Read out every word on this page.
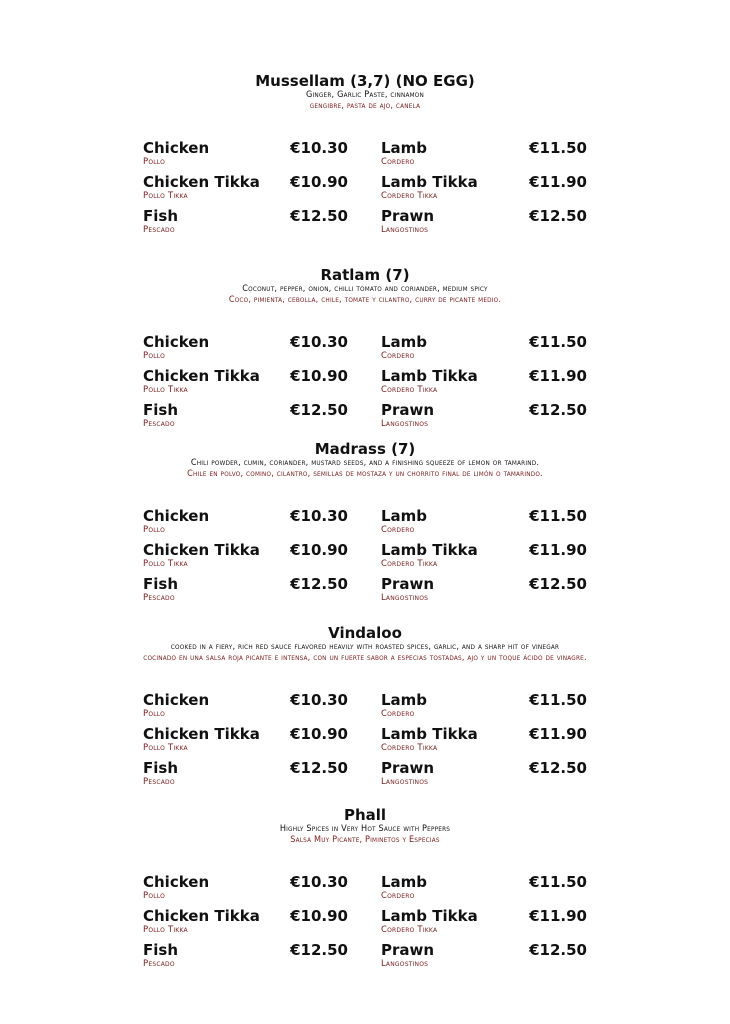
Mussellam (3,7) (NO EGG)
Ginger, Garlic Paste, cinnamon
gengibre, pasta de ajo, canela
Chicken
Pollo
€10.30 Lamb
Cordero
€11.50
Chicken Tikka
Pollo Tikka
€10.90 Lamb Tikka
Cordero Tikka
€11.90
Fish
Pescado
€12.50 Prawn
Langostinos
€12.50
Ratlam (7)
Coconut, pepper, onion, chilli tomato and coriander, medium spicy
Coco, pimienta, cebolla, chile, tomate y cilantro, curry de picante medio.
Chicken
Pollo
€10.30 Lamb
Cordero
€11.50
Chicken Tikka
Pollo Tikka
€10.90 Lamb Tikka
Cordero Tikka
€11.90
Fish
Pescado
€12.50 Prawn
Langostinos
€12.50
Madrass (7)
Chili powder, cumin, coriander, mustard seeds, and a finishing squeeze of lemon or tamarind.
Chile en polvo, comino, cilantro, semillas de mostaza y un chorrito final de limón o tamarindo.
Chicken
Pollo
€10.30 Lamb
Cordero
€11.50
Chicken Tikka
Pollo Tikka
€10.90 Lamb Tikka
Cordero Tikka
€11.90
Fish
Pescado
€12.50 Prawn
Langostinos
€12.50
Vindaloo
cooked in a fiery, rich red sauce flavored heavily with roasted spices, garlic, and a sharp hit of vinegar
cocinado en una salsa roja picante e intensa, con un fuerte sabor a especias tostadas, ajo y un toque ácido de vinagre.
Chicken
Pollo
€10.30 Lamb
Cordero
€11.50
Chicken Tikka
Pollo Tikka
€10.90 Lamb Tikka
Cordero Tikka
€11.90
Fish
Pescado
€12.50 Prawn
Langostinos
€12.50
Phall
Highly Spices in Very Hot Sauce with Peppers
Salsa Muy Picante, Piminetos y Especias
Chicken
Pollo
€10.30 Lamb
Cordero
€11.50
Chicken Tikka
Pollo Tikka
€10.90 Lamb Tikka
Cordero Tikka
€11.90
Fish
Pescado
€12.50 Prawn
Langostinos
€12.50
